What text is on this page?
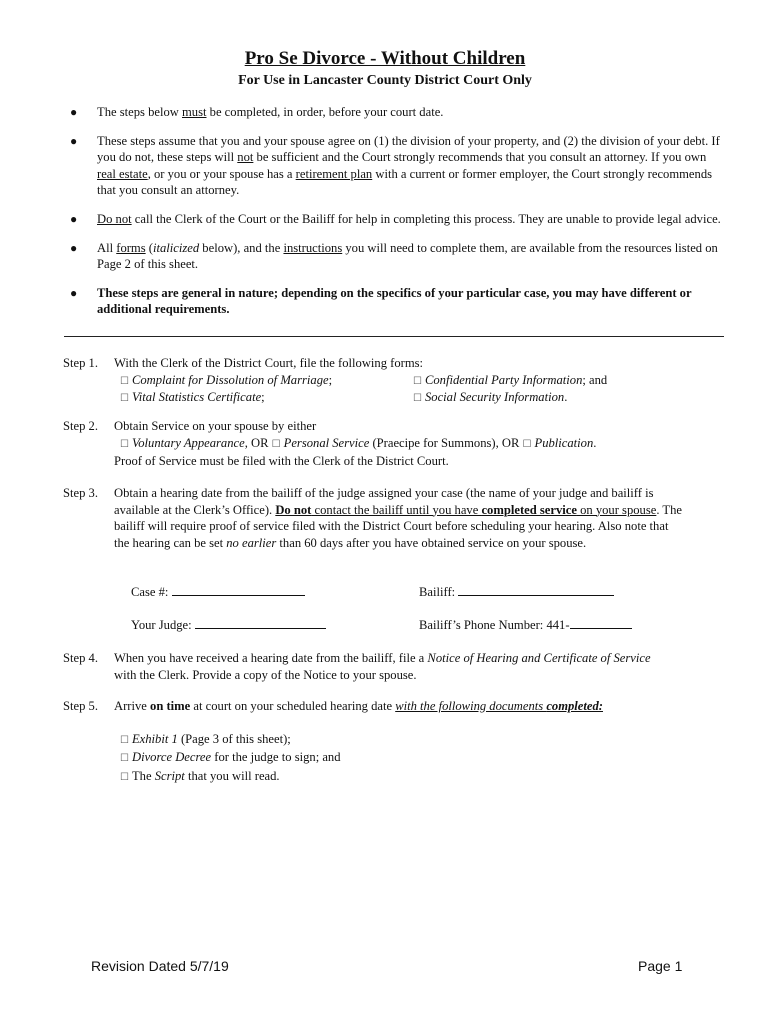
Pro Se Divorce - Without Children
For Use in Lancaster County District Court Only
● The steps below must be completed, in order, before your court date.
● These steps assume that you and your spouse agree on (1) the division of your property, and (2) the division of your debt. If you do not, these steps will not be sufficient and the Court strongly recommends that you consult an attorney. If you own real estate, or you or your spouse has a retirement plan with a current or former employer, the Court strongly recommends that you consult an attorney.
● Do not call the Clerk of the Court or the Bailiff for help in completing this process. They are unable to provide legal advice.
● All forms (italicized below), and the instructions you will need to complete them, are available from the resources listed on Page 2 of this sheet.
● These steps are general in nature; depending on the specifics of your particular case, you may have different or additional requirements.
Step 1. With the Clerk of the District Court, file the following forms:
☐ Complaint for Dissolution of Marriage;	☐ Confidential Party Information; and
☐ Vital Statistics Certificate;	☐ Social Security Information.
Step 2. Obtain Service on your spouse by either
☐ Voluntary Appearance, OR ☐ Personal Service (Praecipe for Summons), OR ☐ Publication.
Proof of Service must be filed with the Clerk of the District Court.
Step 3. Obtain a hearing date from the bailiff of the judge assigned your case (the name of your judge and bailiff is available at the Clerk’s Office). Do not contact the bailiff until you have completed service on your spouse. The bailiff will require proof of service filed with the District Court before scheduling your hearing. Also note that the hearing can be set no earlier than 60 days after you have obtained service on your spouse.
Case #:	Bailiff:
Your Judge:	Bailiff’s Phone Number: 441-
Step 4. When you have received a hearing date from the bailiff, file a Notice of Hearing and Certificate of Service with the Clerk. Provide a copy of the Notice to your spouse.
Step 5. Arrive on time at court on your scheduled hearing date with the following documents completed:
☐ Exhibit 1 (Page 3 of this sheet);
☐ Divorce Decree for the judge to sign; and
☐ The Script that you will read.
Revision Dated 5/7/19	Page 1
